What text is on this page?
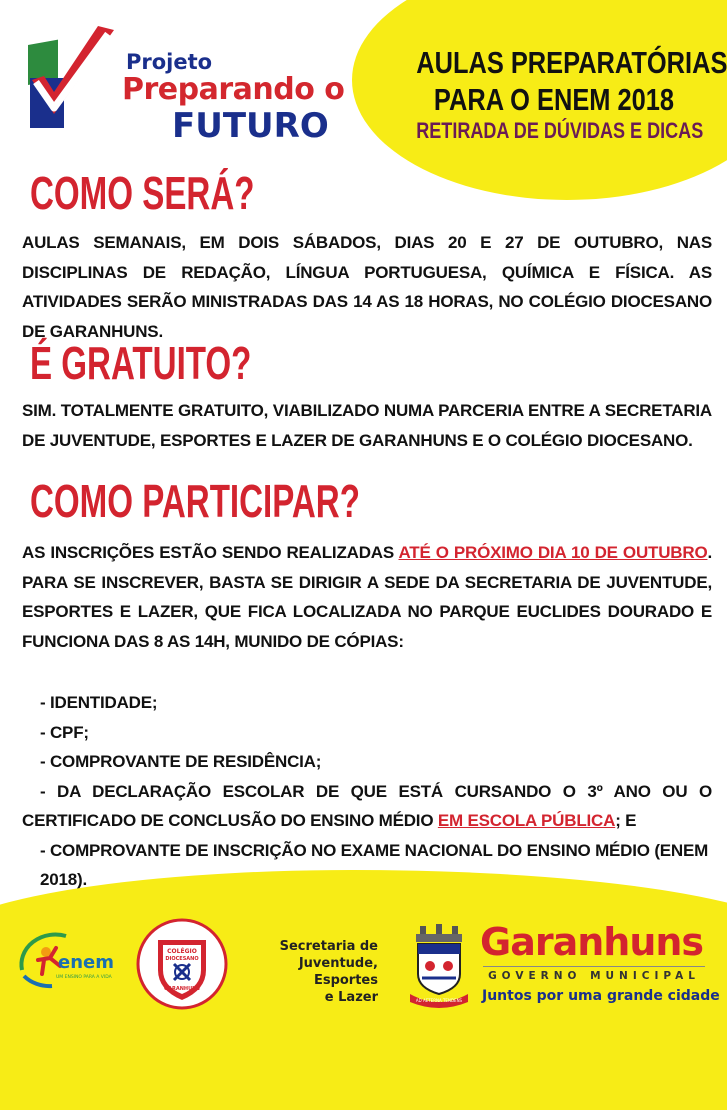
Projeto
Preparando o
FUTURO
AULAS PREPARATÓRIAS
PARA O ENEM 2018
RETIRADA DE DÚVIDAS E DICAS
COMO SERÁ?
AULAS SEMANAIS, EM DOIS SÁBADOS, DIAS 20 E 27 DE OUTUBRO, NAS DISCIPLINAS DE REDAÇÃO, LÍNGUA PORTUGUESA, QUÍMICA E FÍSICA. AS ATIVIDADES SERÃO MINISTRADAS DAS 14 AS 18 HORAS, NO COLÉGIO DIOCESANO DE GARANHUNS.
É GRATUITO?
SIM. TOTALMENTE GRATUITO, VIABILIZADO NUMA PARCERIA ENTRE A SECRETARIA DE JUVENTUDE, ESPORTES E LAZER DE GARANHUNS E O COLÉGIO DIOCESANO.
COMO PARTICIPAR?
AS INSCRIÇÕES ESTÃO SENDO REALIZADAS ATÉ O PRÓXIMO DIA 10 DE OUTUBRO. PARA SE INSCREVER, BASTA SE DIRIGIR A SEDE DA SECRETARIA DE JUVENTUDE, ESPORTES E LAZER, QUE FICA LOCALIZADA NO PARQUE EUCLIDES DOURADO E FUNCIONA DAS 8 AS 14H, MUNIDO DE CÓPIAS:
- IDENTIDADE;
- CPF;
- COMPROVANTE DE RESIDÊNCIA;
- DA DECLARAÇÃO ESCOLAR DE QUE ESTÁ CURSANDO O 3º ANO OU O CERTIFICADO DE CONCLUSÃO DO ENSINO MÉDIO EM ESCOLA PÚBLICA; E
- COMPROVANTE DE INSCRIÇÃO NO EXAME NACIONAL DO ENSINO MÉDIO (ENEM 2018).
enem
UM ENSINO PARA A VIDA
COLÉGIO
DIOCESANO
GARANHUNS
Secretaria de
Juventude, Esportes
e Lazer	AD AETERNA TENDENS
Garanhuns
GOVERNO MUNICIPAL
Juntos por uma grande cidade
